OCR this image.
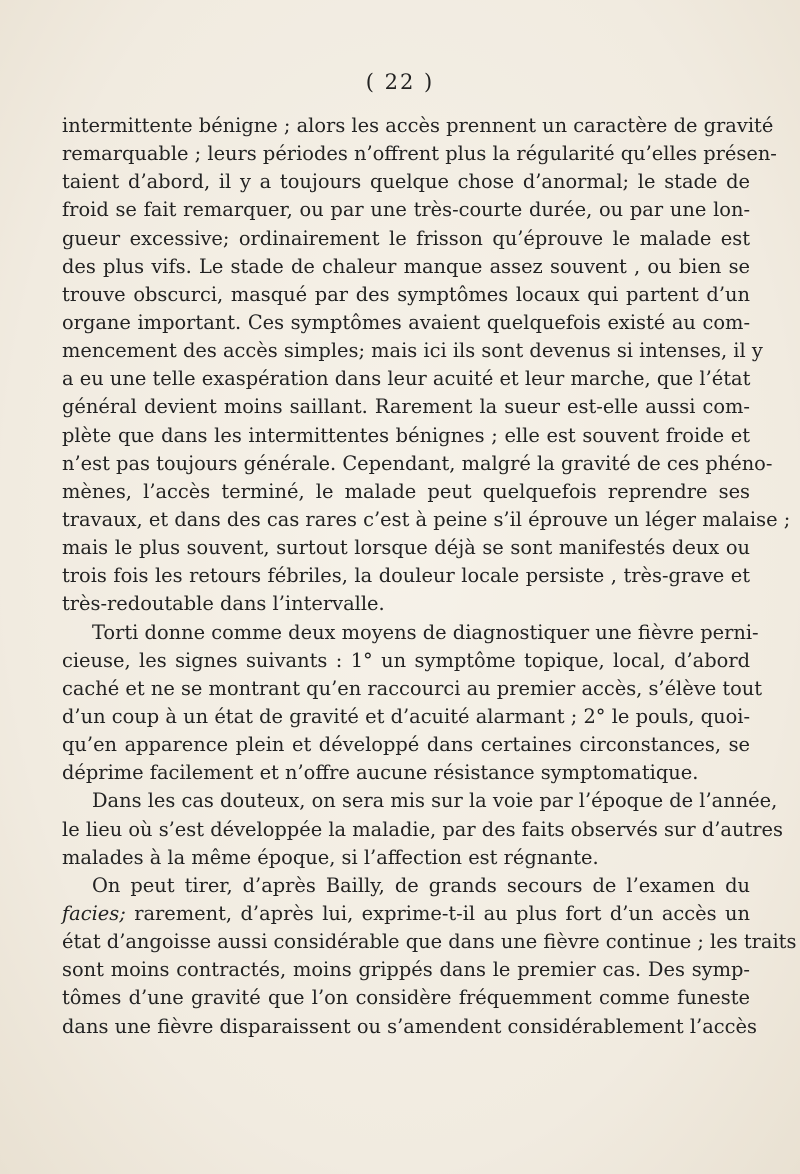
( 22 )
intermittente bénigne ; alors les accès prennent un caractère de gravité
remarquable ; leurs périodes n’offrent plus la régularité qu’elles présen-
taient d’abord, il y a toujours quelque chose d’anormal; le stade de
froid se fait remarquer, ou par une très-courte durée, ou par une lon-
gueur excessive; ordinairement le frisson qu’éprouve le malade est
des plus vifs. Le stade de chaleur manque assez souvent , ou bien se
trouve obscurci, masqué par des symptômes locaux qui partent d’un
organe important. Ces symptômes avaient quelquefois existé au com-
mencement des accès simples; mais ici ils sont devenus si intenses, il y
a eu une telle exaspération dans leur acuité et leur marche, que l’état
général devient moins saillant. Rarement la sueur est-elle aussi com-
plète que dans les intermittentes bénignes ; elle est souvent froide et
n’est pas toujours générale. Cependant, malgré la gravité de ces phéno-
mènes, l’accès terminé, le malade peut quelquefois reprendre ses
travaux, et dans des cas rares c’est à peine s’il éprouve un léger malaise ;
mais le plus souvent, surtout lorsque déjà se sont manifestés deux ou
trois fois les retours fébriles, la douleur locale persiste , très-grave et
très-redoutable dans l’intervalle.
Torti donne comme deux moyens de diagnostiquer une fièvre perni-
cieuse, les signes suivants : 1° un symptôme topique, local, d’abord
caché et ne se montrant qu’en raccourci au premier accès, s’élève tout
d’un coup à un état de gravité et d’acuité alarmant ; 2° le pouls, quoi-
qu’en apparence plein et développé dans certaines circonstances, se
déprime facilement et n’offre aucune résistance symptomatique.
Dans les cas douteux, on sera mis sur la voie par l’époque de l’année,
le lieu où s’est développée la maladie, par des faits observés sur d’autres
malades à la même époque, si l’affection est régnante.
On peut tirer, d’après Bailly, de grands secours de l’examen du
facies; rarement, d’après lui, exprime-t-il au plus fort d’un accès un
état d’angoisse aussi considérable que dans une fièvre continue ; les traits
sont moins contractés, moins grippés dans le premier cas. Des symp-
tômes d’une gravité que l’on considère fréquemment comme funeste
dans une fièvre disparaissent ou s’amendent considérablement l’accès
